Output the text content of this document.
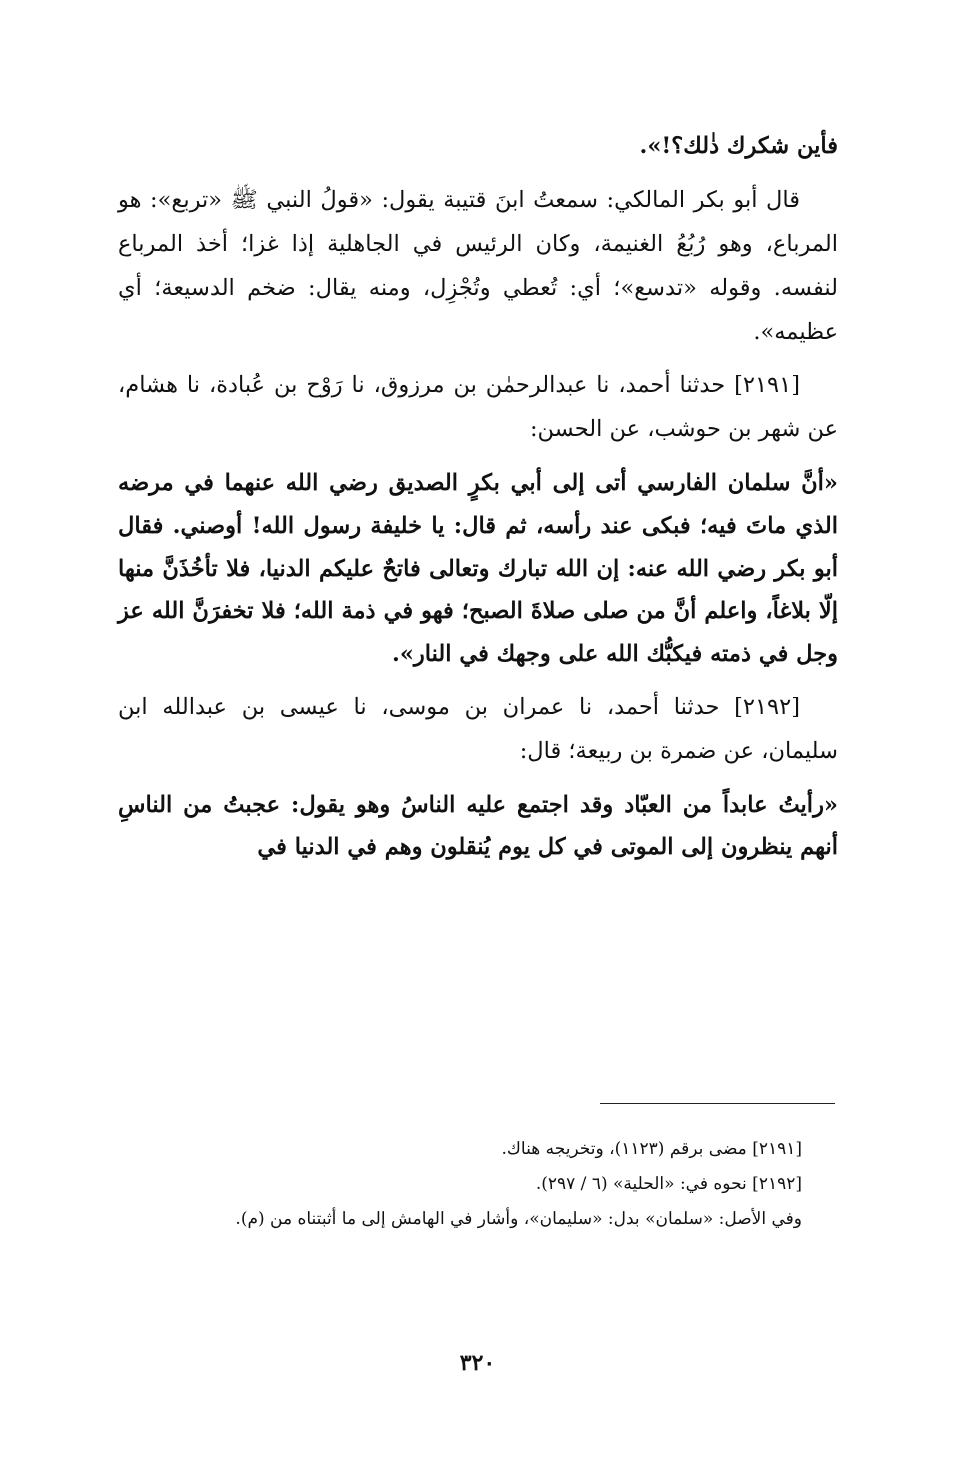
فأين شكرك ذٰلك؟!».

قال أبو بكر المالكي: سمعتُ ابنَ قتيبة يقول: «قولُ النبي ﷺ «تربع»: هو المرباع، وهو رُبُعُ الغنيمة، وكان الرئيس في الجاهلية إذا غزا؛ أخذ المرباع لنفسه. وقوله «تدسع»؛ أي: تُعطي وتُجْزِل، ومنه يقال: ضخم الدسيعة؛ أي عظيمه».

[٢١٩١] حدثنا أحمد، نا عبدالرحمٰن بن مرزوق، نا رَوْح بن عُبادة، نا هشام، عن شهر بن حوشب، عن الحسن:

«أنَّ سلمان الفارسي أتى إلى أبي بكرٍ الصديق رضي الله عنهما في مرضه الذي ماتَ فيه؛ فبكى عند رأسه، ثم قال: يا خليفة رسول الله! أوصني. فقال أبو بكر رضي الله عنه: إن الله تبارك وتعالى فاتحٌ عليكم الدنيا، فلا تأخُذَنَّ منها إلّا بلاغاً، واعلم أنَّ من صلى صلاةَ الصبح؛ فهو في ذمة الله؛ فلا تخفرَنَّ الله عز وجل في ذمته فيكبُّك الله على وجهك في النار».

[٢١٩٢] حدثنا أحمد، نا عمران بن موسى، نا عيسى بن عبدالله ابن سليمان، عن ضمرة بن ربيعة؛ قال:

«رأيتُ عابداً من العبّاد وقد اجتمع عليه الناسُ وهو يقول: عجبتُ من الناسِ أنهم ينظرون إلى الموتى في كل يوم يُنقلون وهم في الدنيا في

[٢١٩١] مضى برقم (١١٢٣)، وتخريجه هناك.

[٢١٩٢] نحوه في: «الحلية» (٦ / ٢٩٧).

وفي الأصل: «سلمان» بدل: «سليمان»، وأشار في الهامش إلى ما أثبتناه من (م).

٣٢٠
